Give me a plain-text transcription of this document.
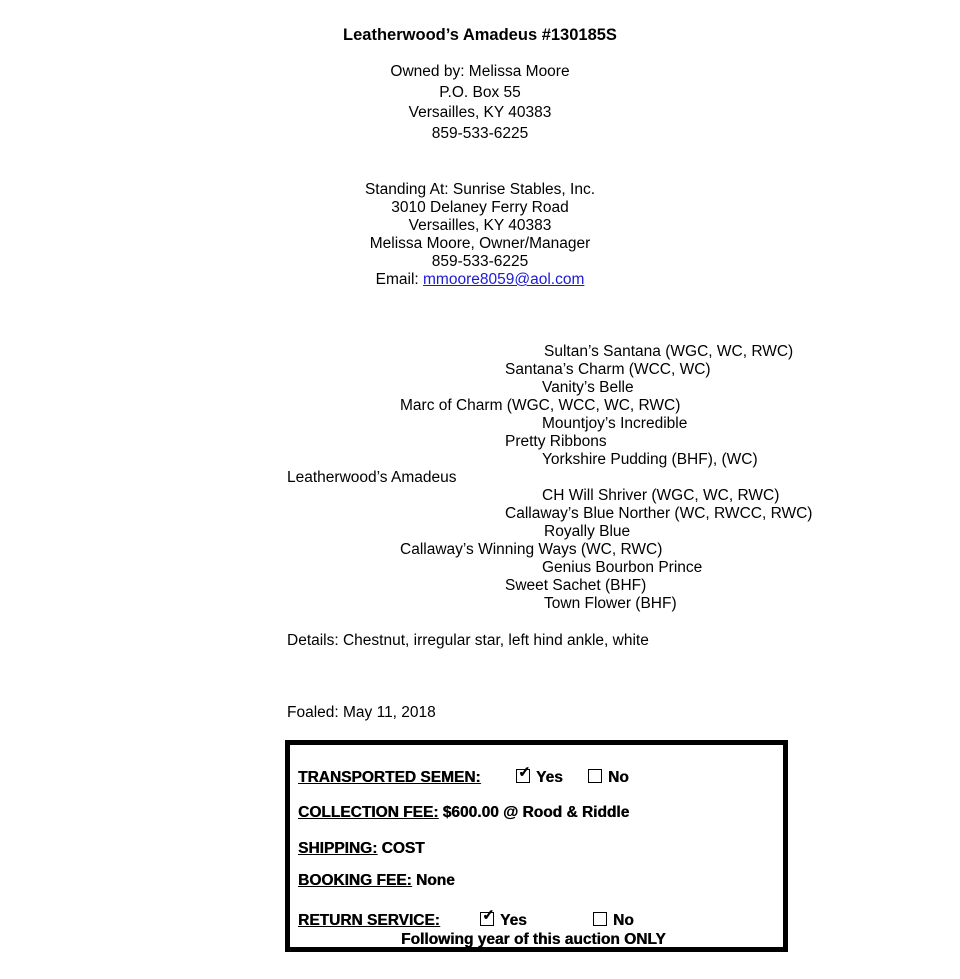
Leatherwood’s Amadeus #130185S
Owned by: Melissa Moore
P.O. Box 55
Versailles, KY 40383
859-533-6225
Standing At: Sunrise Stables, Inc.
3010 Delaney Ferry Road
Versailles, KY 40383
Melissa Moore, Owner/Manager
859-533-6225
Email: mmoore8059@aol.com
Sultan’s Santana (WGC, WC, RWC)
Santana’s Charm (WCC, WC)
Vanity’s Belle
Marc of Charm (WGC, WCC, WC, RWC)
Mountjoy’s Incredible
Pretty Ribbons
Yorkshire Pudding (BHF), (WC)
Leatherwood’s Amadeus
CH Will Shriver (WGC, WC, RWC)
Callaway’s Blue Norther (WC, RWCC, RWC)
Royally Blue
Callaway’s Winning Ways (WC, RWC)
Genius Bourbon Prince
Sweet Sachet (BHF)
Town Flower (BHF)
Details: Chestnut, irregular star, left hind ankle, white
Foaled: May 11, 2018
TRANSPORTED SEMEN: ✓ Yes	No
COLLECTION FEE: $600.00 @ Rood & Riddle
SHIPPING: COST
BOOKING FEE: None
RETURN SERVICE:	✓ Yes	No
Following year of this auction ONLY
